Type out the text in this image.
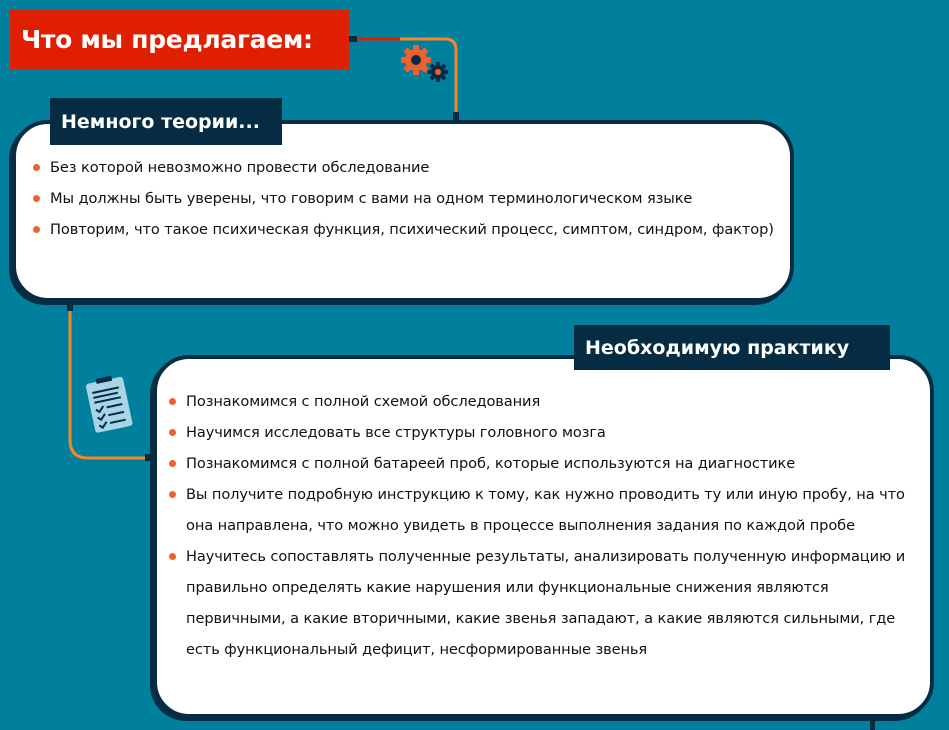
Что мы предлагаем:
Немного теории...
Без которой невозможно провести обследование
Мы должны быть уверены, что говорим с вами на одном терминологическом языке
Повторим, что такое психическая функция, психический процесс, симптом, синдром, фактор)
Необходимую практику
Познакомимся с полной схемой обследования
Научимся исследовать все структуры головного мозга
Познакомимся с полной батареей проб, которые используются на диагностике
Вы получите подробную инструкцию к тому, как нужно проводить ту или иную пробу, на что она направлена, что можно увидеть в процессе выполнения задания по каждой пробе
Научитесь сопоставлять полученные результаты, анализировать полученную информацию и правильно определять какие нарушения или функциональные снижения являются первичными, а какие вторичными, какие звенья западают, а какие являются сильными, где есть функциональный дефицит, несформированные звенья
